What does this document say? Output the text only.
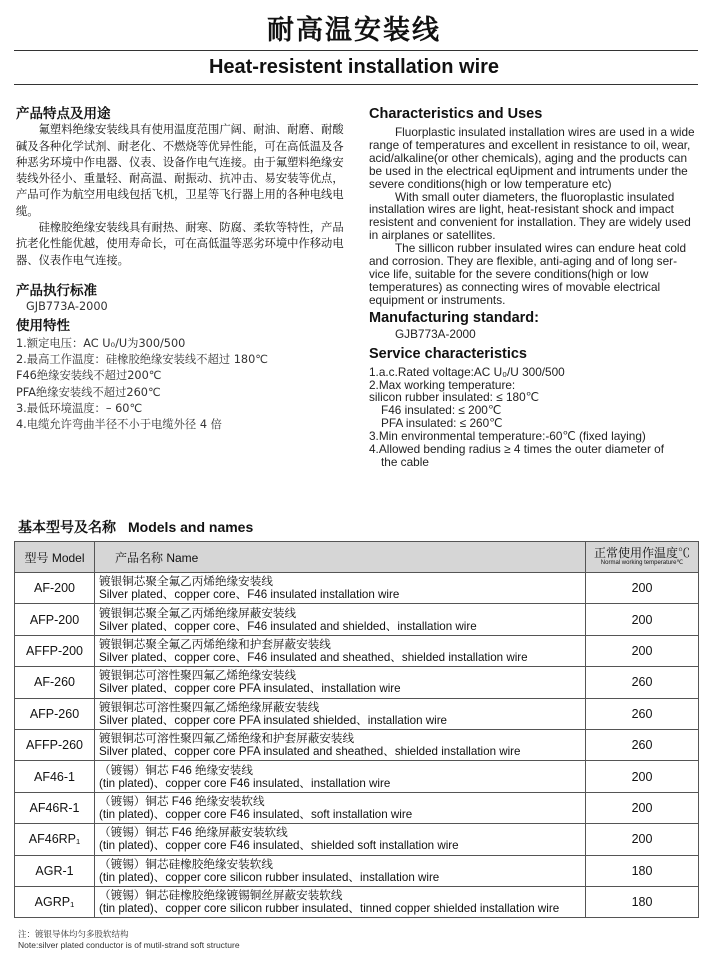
耐高温安装线
Heat-resistent installation wire
产品特点及用途

氟塑料绝缘安装线具有使用温度范围广阔、耐油、耐磨、耐酸碱及各种化学试剂、耐老化、不燃烧等优异性能，可在高低温及各种恶劣环境中作电器、仪表、设备作电气连接。由于氟塑料绝缘安装线外径小、重量轻、耐高温、耐振动、抗冲击、易安装等优点，产品可作为航空用电线包括飞机，卫星等飞行器上用的各种电线电缆。

硅橡胶绝缘安装线具有耐热、耐寒、防腐、柔软等特性，产品抗老化性能优越，使用寿命长，可在高低温等恶劣环境中作移动电器、仪表作电气连接。

产品执行标准

GJB773A-2000

使用特性

1.额定电压：AC U₀/U为300/500

2.最高工作温度：硅橡胶绝缘安装线不超过 180℃

F46绝缘安装线不超过200℃

PFA绝缘安装线不超过260℃

3.最低环境温度：– 60℃

4.电缆允许弯曲半径不小于电缆外径 4 倍

Characteristics and Uses

Fluorplastic insulated installation wires are used in a wide range of temperatures and excellent in resistance to oil, wear, acid/alkaline(or other chemicals), aging and the products can be used in the electrical eqUipment and intruments under the severe conditions(high or low temperature etc)

With small outer diameters, the fluoroplastic insulated installation wires are light, heat-resistant shock and impact resistent and convenient for installation. They are widely used in airplanes or satellites.

The sillicon rubber insulated wires can endure heat cold and corrosion. They are flexible, anti-aging and of long ser- vice life, suitable for the severe conditions(high or low temperatures) as connecting wires of movable electrical equipment or instruments.

Manufacturing standard:

GJB773A-2000

Service characteristics

1.a.c.Rated voltage:AC U₀/U 300/500

2.Max working temperature:

silicon rubber insulated: ≤ 180℃

F46 insulated: ≤ 200℃

PFA insulated: ≤ 260℃

3.Min environmental temperature:-60℃ (fixed laying)

4.Allowed bending radius ≥ 4 times the outer diameter of

the cable

基本型号及名称 Models and names
型号 Model	产品名称 Name	正常使用作温度℃
Normal working temperature℃

AF-200	镀银铜芯聚全氟乙丙烯绝缘安装线
Silver plated、copper core、F46 insulated installation wire	200
AFP-200	镀银铜芯聚全氟乙丙烯绝缘屏蔽安装线
Silver plated、copper core、F46 insulated and shielded、installation wire	200
AFFP-200	镀银铜芯聚全氟乙丙烯绝缘和护套屏蔽安装线
Silver plated、copper core、F46 insulated and sheathed、shielded installation wire	200
AF-260	镀银铜芯可溶性聚四氟乙烯绝缘安装线
Silver plated、copper core PFA insulated、installation wire	260
AFP-260	镀银铜芯可溶性聚四氟乙烯绝缘屏蔽安装线
Silver plated、copper core PFA insulated shielded、installation wire	260
AFFP-260	镀银铜芯可溶性聚四氟乙烯绝缘和护套屏蔽安装线
Silver plated、copper core PFA insulated and sheathed、shielded installation wire	260
AF46-1	（镀锡）铜芯 F46 绝缘安装线
(tin plated)、copper core F46 insulated、installation wire	200
AF46R-1	（镀锡）铜芯 F46 绝缘安装软线
(tin plated)、copper core F46 insulated、soft installation wire	200
AF46RP₁	（镀锡）铜芯 F46 绝缘屏蔽安装软线
(tin plated)、copper core F46 insulated、shielded soft installation wire	200
AGR-1	（镀锡）铜芯硅橡胶绝缘安装软线
(tin plated)、copper core silicon rubber insulated、installation wire	180
AGRP₁	（镀锡）铜芯硅橡胶绝缘镀锡铜丝屏蔽安装软线
(tin plated)、copper core silicon rubber insulated、tinned copper shielded installation wire	180
注：镀银导体均匀多股软结构
Note:silver plated conductor is of mutil-strand soft structure
